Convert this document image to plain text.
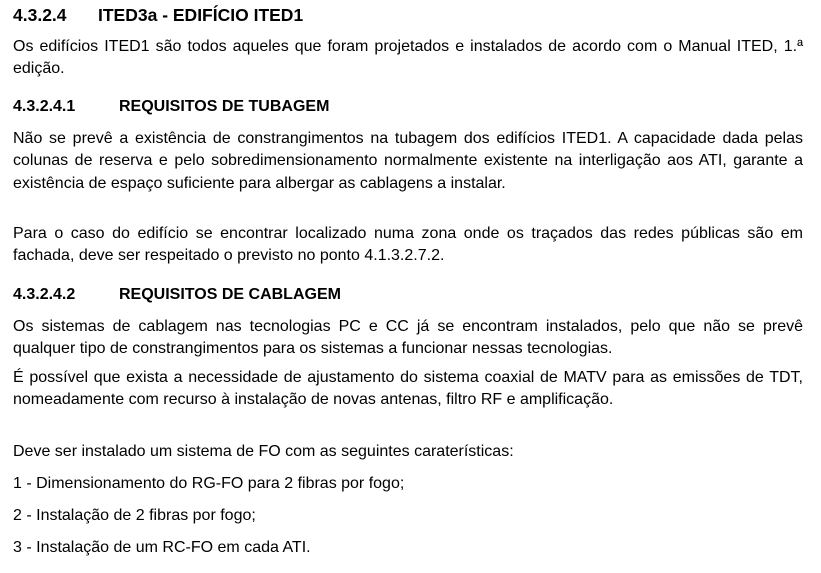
4.3.2.4 ITED3a - EDIFÍCIO ITED1
Os edifícios ITED1 são todos aqueles que foram projetados e instalados de acordo com o Manual ITED, 1.ª edição.
4.3.2.4.1	REQUISITOS DE TUBAGEM
Não se prevê a existência de constrangimentos na tubagem dos edifícios ITED1. A capacidade dada pelas colunas de reserva e pelo sobredimensionamento normalmente existente na interligação aos ATI, garante a existência de espaço suficiente para albergar as cablagens a instalar.
Para o caso do edifício se encontrar localizado numa zona onde os traçados das redes públicas são em fachada, deve ser respeitado o previsto no ponto 4.1.3.2.7.2.
4.3.2.4.2	REQUISITOS DE CABLAGEM
Os sistemas de cablagem nas tecnologias PC e CC já se encontram instalados, pelo que não se prevê qualquer tipo de constrangimentos para os sistemas a funcionar nessas tecnologias.
É possível que exista a necessidade de ajustamento do sistema coaxial de MATV para as emissões de TDT, nomeadamente com recurso à instalação de novas antenas, filtro RF e amplificação.
Deve ser instalado um sistema de FO com as seguintes caraterísticas:
1 - Dimensionamento do RG-FO para 2 fibras por fogo;
2 - Instalação de 2 fibras por fogo;
3 - Instalação de um RC-FO em cada ATI.
